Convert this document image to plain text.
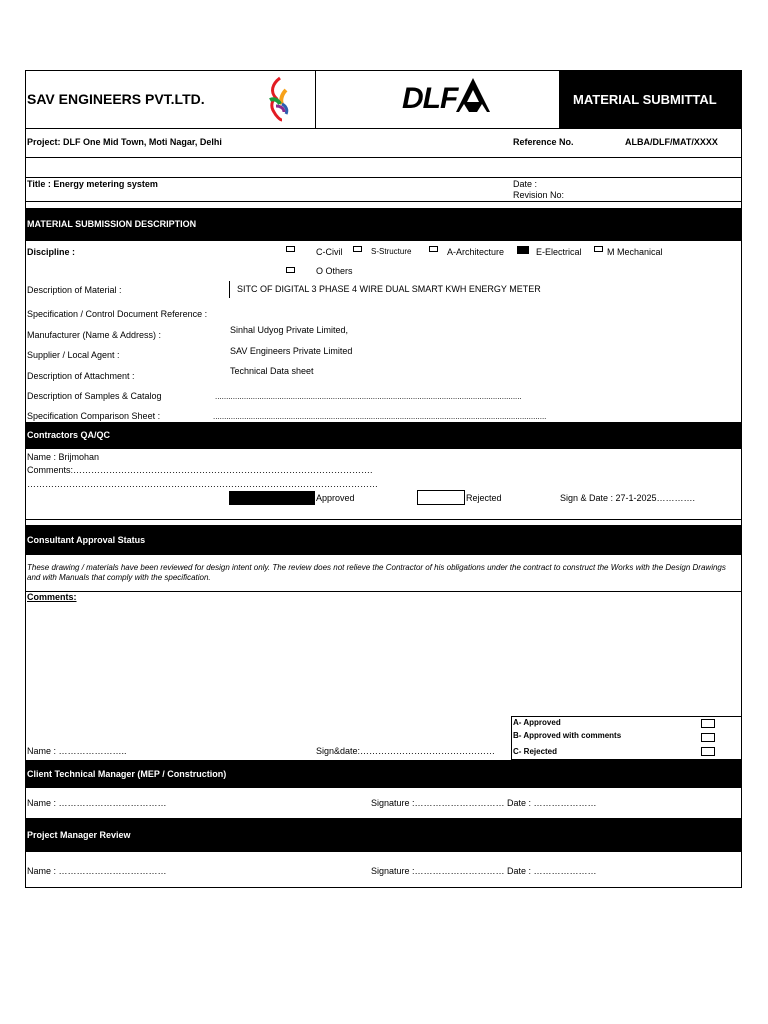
SAV ENGINEERS PVT.LTD.	DLF	MATERIAL SUBMITTAL
Project: DLF One Mid Town, Moti Nagar, Delhi	Reference No.	ALBA/DLF/MAT/XXXX
Title : Energy metering system	Date :
Revision No:
MATERIAL SUBMISSION DESCRIPTION
Discipline :	C-Civil	S-Structure	A-Architecture	E-Electrical	M Mechanical
O Others
Description of Material :	SITC OF DIGITAL 3 PHASE 4 WIRE DUAL SMART KWH ENERGY METER
Specification / Control Document Reference :
Manufacturer (Name & Address) :	Sinhal Udyog Private Limited,
Supplier / Local Agent :	SAV Engineers Private Limited
Description of Attachment :	Technical Data sheet
Description of Samples & Catalog	..........................................................................................................................................
Specification Comparison Sheet :	......................................................................................................................................................
Contractors QA/QC
Name : Brijmohan
Comments:……………………………………………………………………………………….
………………………………………………………………………………………………………
Approved	Rejected	Sign & Date : 27-1-2025………….
Consultant Approval Status
These drawing / materials have been reviewed for design intent only. The review does not relieve the Contractor of his obligations under the contract to construct the Works with the Design Drawings and with Manuals that comply with the specification.
Comments:
A- Approved
B- Approved with comments
C- Rejected
Name : …………………..	Sign&date:………………………………………
Client Technical Manager (MEP / Construction)
Name : ………………………………	Signature :………………………… Date : …………………
Project Manager Review
Name : ………………………………	Signature :………………………… Date : …………………
